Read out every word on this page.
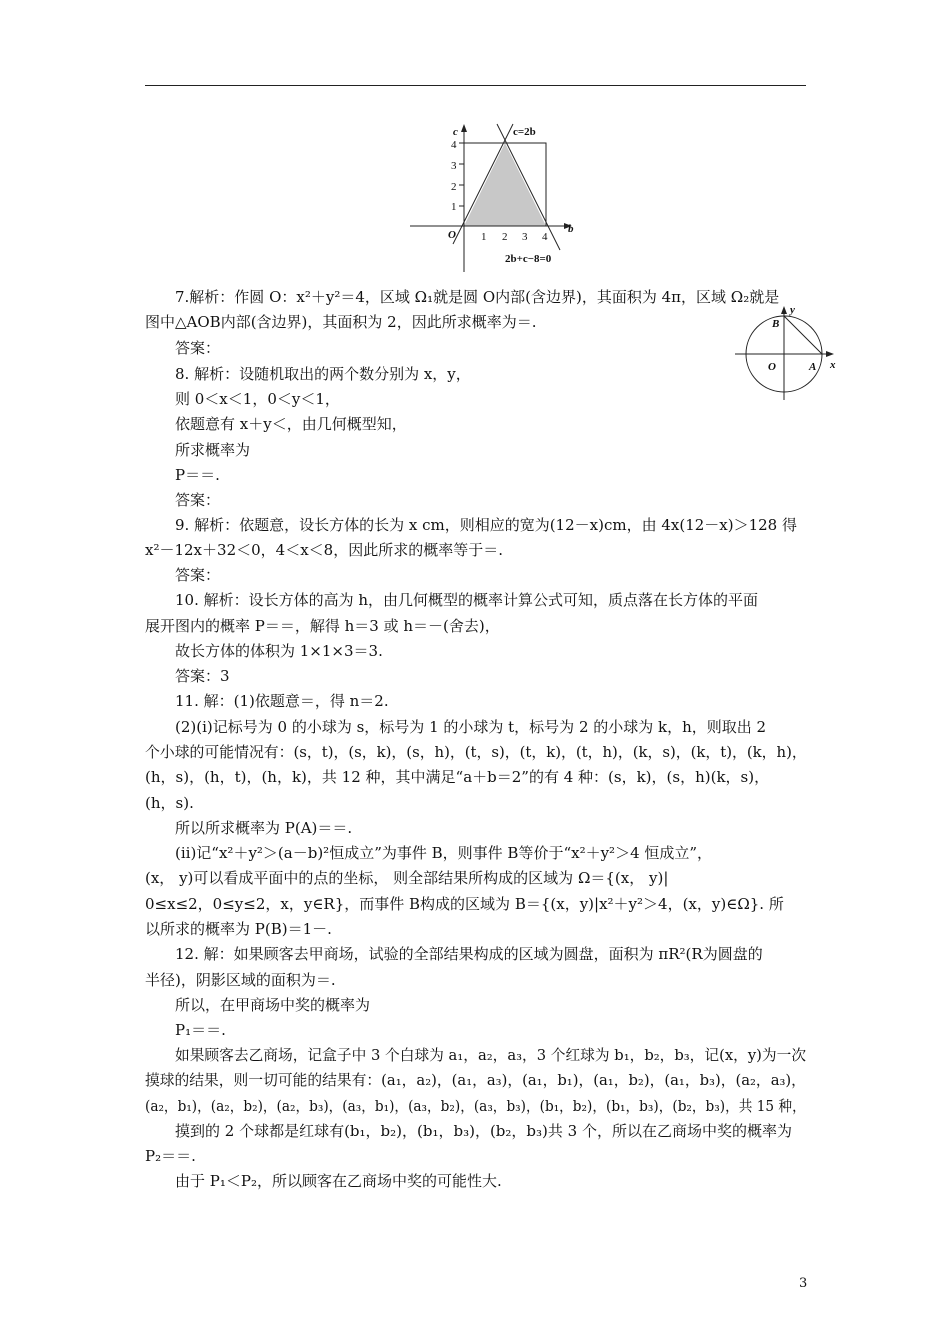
c
4
3
2
1
O 1 2 3 4
b
c=2b
2b+c−8=0
B
y
O	A x
7.解析：作圆 O：x²＋y²＝4，区域 Ω₁就是圆 O内部(含边界)，其面积为 4π，区域 Ω₂就是
图中△AOB内部(含边界)，其面积为 2，因此所求概率为＝.
答案：
8. 解析：设随机取出的两个数分别为 x，y，
则 0＜x＜1，0＜y＜1，
依题意有 x＋y＜，由几何概型知，
所求概率为
P＝＝.
答案：
9. 解析：依题意，设长方体的长为 x cm，则相应的宽为(12－x)cm，由 4x(12－x)＞128 得
x²－12x＋32＜0，4＜x＜8，因此所求的概率等于＝.
答案：
10. 解析：设长方体的高为 h，由几何概型的概率计算公式可知，质点落在长方体的平面
展开图内的概率 P＝＝，解得 h＝3 或 h＝－(舍去)，
故长方体的体积为 1×1×3＝3.
答案：3
11. 解：(1)依题意＝，得 n＝2.
(2)(ⅰ)记标号为 0 的小球为 s，标号为 1 的小球为 t，标号为 2 的小球为 k，h，则取出 2
个小球的可能情况有：(s，t)，(s，k)，(s，h)，(t，s)，(t，k)，(t，h)，(k，s)，(k，t)，(k，h)，
(h，s)，(h，t)，(h，k)，共 12 种，其中满足“a＋b＝2”的有 4 种：(s，k)，(s，h)(k，s)，
(h，s).
所以所求概率为 P(A)＝＝.
(ⅱ)记“x²＋y²＞(a－b)²恒成立”为事件 B，则事件 B等价于“x²＋y²＞4 恒成立”，
(x， y)可以看成平面中的点的坐标， 则全部结果所构成的区域为 Ω＝{(x， y)|
0≤x≤2，0≤y≤2，x，y∈R}，而事件 B构成的区域为 B＝{(x，y)|x²＋y²＞4，(x，y)∈Ω}. 所
以所求的概率为 P(B)＝1－.
12. 解：如果顾客去甲商场，试验的全部结果构成的区域为圆盘，面积为 πR²(R为圆盘的
半径)，阴影区域的面积为＝.
所以，在甲商场中奖的概率为
P₁＝＝.
如果顾客去乙商场，记盒子中 3 个白球为 a₁，a₂，a₃，3 个红球为 b₁，b₂，b₃，记(x，y)为一次
摸球的结果，则一切可能的结果有：(a₁，a₂)，(a₁，a₃)，(a₁，b₁)，(a₁，b₂)，(a₁，b₃)，(a₂，a₃)，
(a₂，b₁)，(a₂，b₂)，(a₂，b₃)，(a₃，b₁)，(a₃，b₂)，(a₃，b₃)，(b₁，b₂)，(b₁，b₃)，(b₂，b₃)，共 15 种，
摸到的 2 个球都是红球有(b₁，b₂)，(b₁，b₃)，(b₂，b₃)共 3 个，所以在乙商场中奖的概率为
P₂＝＝.
由于 P₁＜P₂，所以顾客在乙商场中奖的可能性大.
3
